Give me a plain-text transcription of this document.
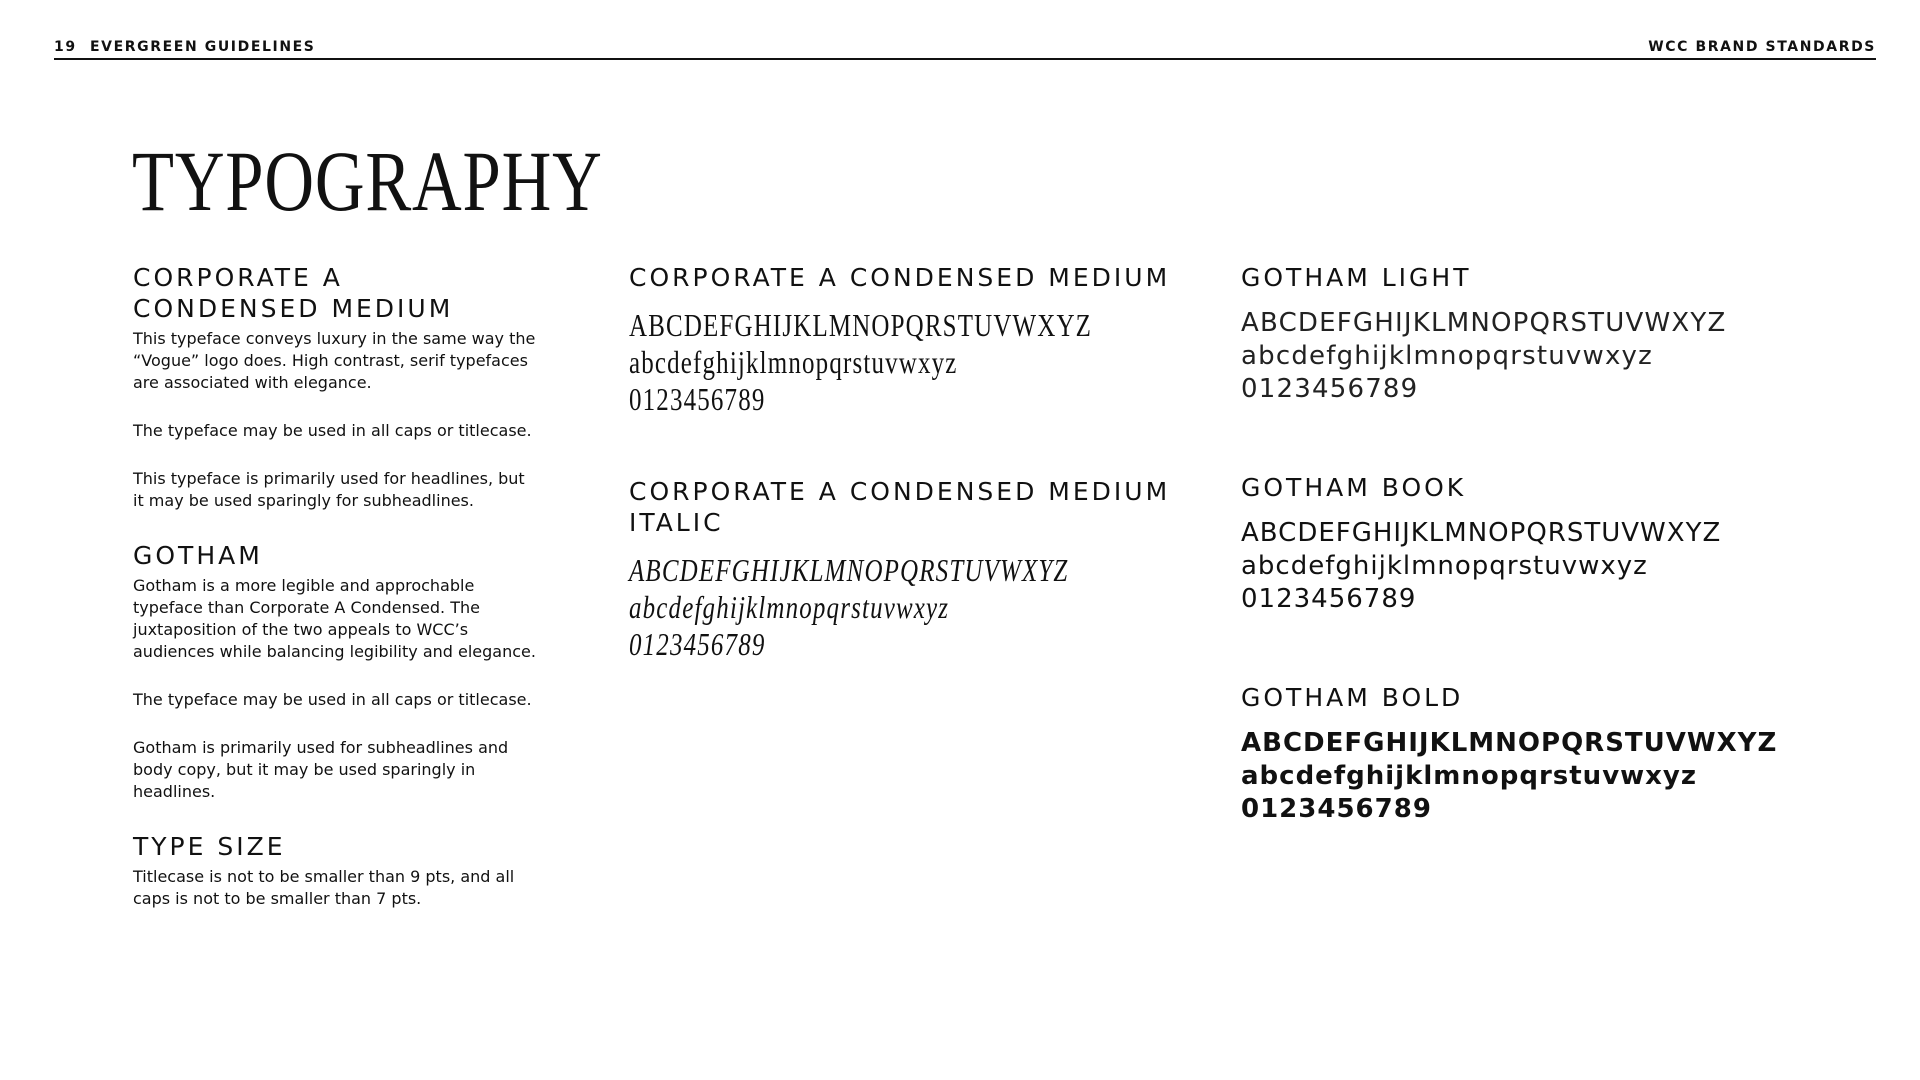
19 EVERGREEN GUIDELINES	WCC BRAND STANDARDS
TYPOGRAPHY

CORPORATE A

CONDENSED MEDIUM

This typeface conveys luxury in the same way the

“Vogue” logo does. High contrast, serif typefaces

are associated with elegance.

The typeface may be used in all caps or titlecase.

This typeface is primarily used for headlines, but

it may be used sparingly for subheadlines.

GOTHAM

Gotham is a more legible and approchable

typeface than Corporate A Condensed. The

juxtaposition of the two appeals to WCC’s

audiences while balancing legibility and elegance.

The typeface may be used in all caps or titlecase.

Gotham is primarily used for subheadlines and

body copy, but it may be used sparingly in

headlines.

TYPE SIZE

Titlecase is not to be smaller than 9 pts, and all

caps is not to be smaller than 7 pts.

CORPORATE A CONDENSED MEDIUM

ABCDEFGHIJKLMNOPQRSTUVWXYZ

abcdefghijklmnopqrstuvwxyz

0123456789

CORPORATE A CONDENSED MEDIUM

ITALIC

ABCDEFGHIJKLMNOPQRSTUVWXYZ

abcdefghijklmnopqrstuvwxyz

0123456789

GOTHAM LIGHT

ABCDEFGHIJKLMNOPQRSTUVWXYZ

abcdefghijklmnopqrstuvwxyz

0123456789

GOTHAM BOOK

ABCDEFGHIJKLMNOPQRSTUVWXYZ

abcdefghijklmnopqrstuvwxyz

0123456789

GOTHAM BOLD

ABCDEFGHIJKLMNOPQRSTUVWXYZ

abcdefghijklmnopqrstuvwxyz

0123456789
